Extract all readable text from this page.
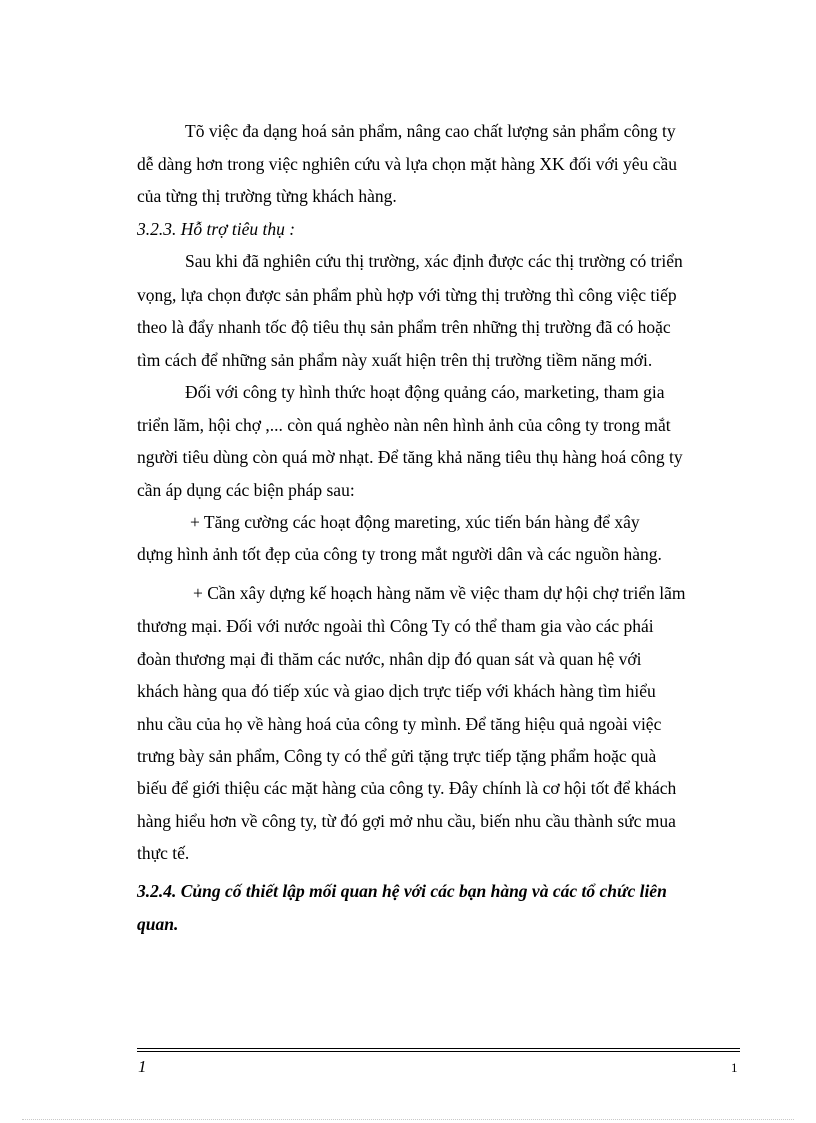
Tõ việc đa dạng hoá sản phẩm, nâng cao chất lượng sản phẩm công ty
dễ dàng hơn trong việc nghiên cứu và lựa chọn mặt hàng XK đối với yêu cầu
của từng thị trường từng khách hàng.
3.2.3. Hỗ trợ tiêu thụ :
Sau khi đã nghiên cứu thị trường, xác định được các thị trường có triển
vọng, lựa chọn được sản phẩm phù hợp với từng thị trường thì công việc tiếp
theo là đẩy nhanh tốc độ tiêu thụ sản phẩm trên những thị trường đã có hoặc
tìm cách để những sản phẩm này xuất hiện trên thị trường tiềm năng mới.
Đối với công ty hình thức hoạt động quảng cáo, marketing, tham gia
triển lãm, hội chợ ,... còn quá nghèo nàn nên hình ảnh của công ty trong mắt
người tiêu dùng còn quá mờ nhạt. Để tăng khả năng tiêu thụ hàng hoá công ty
cần áp dụng các biện pháp sau:
+ Tăng cường các hoạt động mareting, xúc tiến bán hàng để xây
dựng hình ảnh tốt đẹp của công ty trong mắt người dân và các nguồn hàng.
+ Cần xây dựng kế hoạch hàng năm về việc tham dự hội chợ triển lãm
thương mại. Đối với nước ngoài thì Công Ty có thể tham gia vào các phái
đoàn thương mại đi thăm các nước, nhân dịp đó quan sát và quan hệ với
khách hàng qua đó tiếp xúc và giao dịch trực tiếp với khách hàng tìm hiểu
nhu cầu của họ về hàng hoá của công ty mình. Để tăng hiệu quả ngoài việc
trưng bày sản phẩm, Công ty có thể gửi tặng trực tiếp tặng phẩm hoặc quà
biếu để giới thiệu các mặt hàng của công ty. Đây chính là cơ hội tốt để khách
hàng hiểu hơn về công ty, từ đó gợi mở nhu cầu, biến nhu cầu thành sức mua
thực tế.
3.2.4. Củng cố thiết lập mối quan hệ với các bạn hàng và các tổ chức liên
quan.
1	1
